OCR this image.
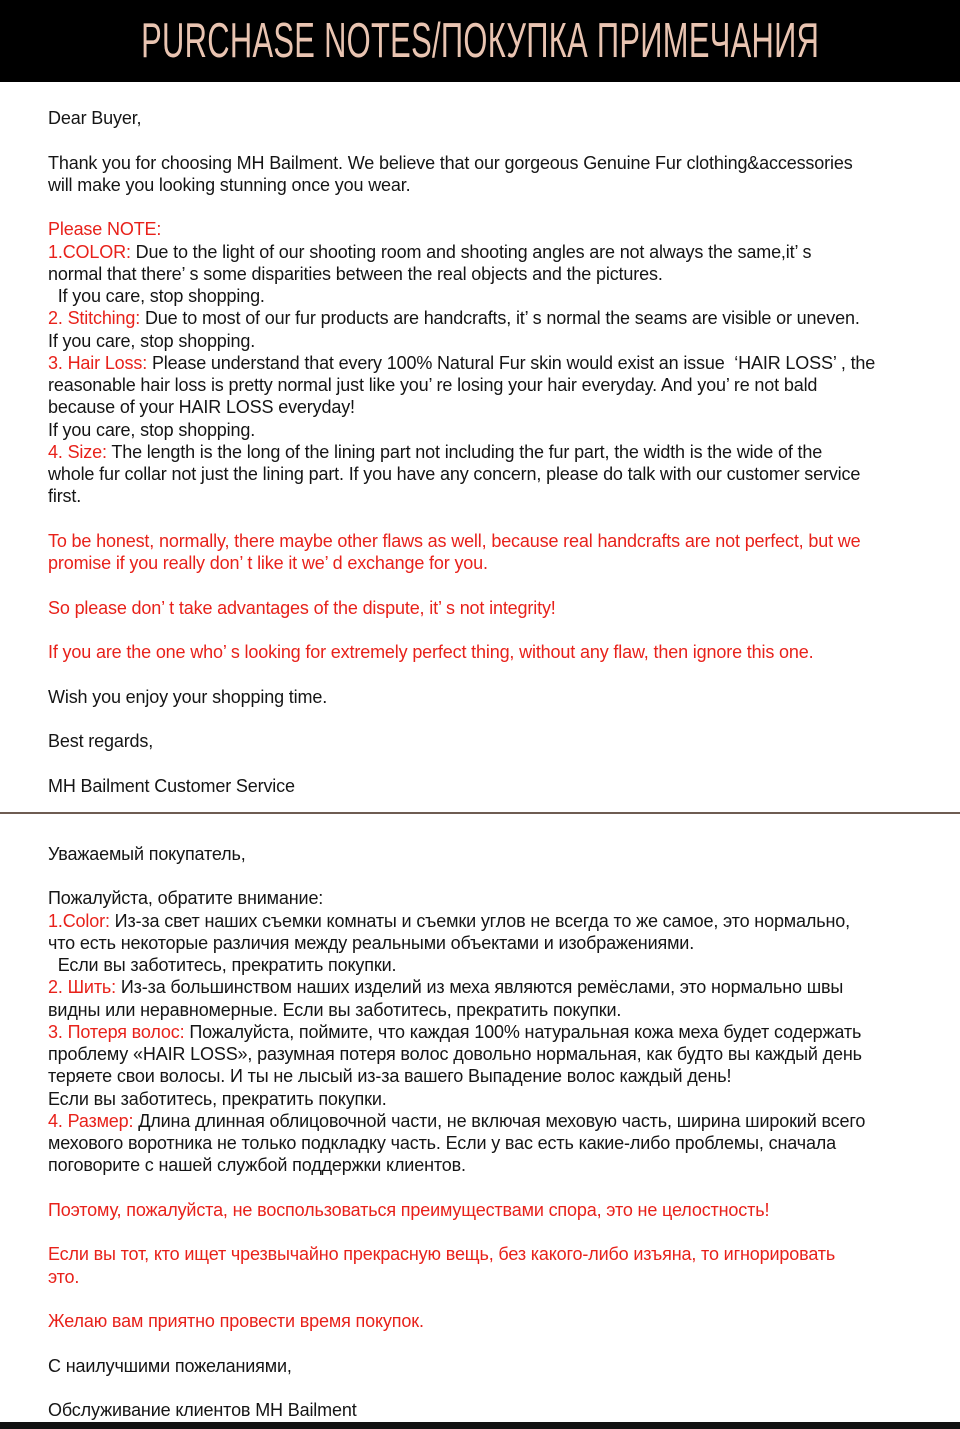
PURCHASE NOTES/ПОКУПКА ПРИМЕЧАНИЯ
Dear Buyer,

Thank you for choosing MH Bailment. We believe that our gorgeous Genuine Fur clothing&accessories
will make you looking stunning once you wear.

Please NOTE:
1.COLOR: Due to the light of our shooting room and shooting angles are not always the same,it’ s
normal that there’ s some disparities between the real objects and the pictures.
If you care, stop shopping.
2. Stitching: Due to most of our fur products are handcrafts, it’ s normal the seams are visible or uneven.
If you care, stop shopping.
3. Hair Loss: Please understand that every 100% Natural Fur skin would exist an issue  ‘HAIR LOSS’ , the
reasonable hair loss is pretty normal just like you’ re losing your hair everyday. And you’ re not bald
because of your HAIR LOSS everyday!
If you care, stop shopping.
4. Size: The length is the long of the lining part not including the fur part, the width is the wide of the
whole fur collar not just the lining part. If you have any concern, please do talk with our customer service
first.

To be honest, normally, there maybe other flaws as well, because real handcrafts are not perfect, but we
promise if you really don’ t like it we’ d exchange for you.

So please don’ t take advantages of the dispute, it’ s not integrity!

If you are the one who’ s looking for extremely perfect thing, without any flaw, then ignore this one.

Wish you enjoy your shopping time.

Best regards,

MH Bailment Customer Service
Уважаемый покупатель,

Пожалуйста, обратите внимание:
1.Color: Из-за свет наших съемки комнаты и съемки углов не всегда то же самое, это нормально,
что есть некоторые различия между реальными объектами и изображениями.
Если вы заботитесь, прекратить покупки.
2. Шить: Из-за большинством наших изделий из меха являются ремёслами, это нормально швы
видны или неравномерные. Если вы заботитесь, прекратить покупки.
3. Потеря волос: Пожалуйста, поймите, что каждая 100% натуральная кожа меха будет содержать
проблему «HAIR LOSS», разумная потеря волос довольно нормальная, как будто вы каждый день
теряете свои волосы. И ты не лысый из-за вашего Выпадение волос каждый день!
Если вы заботитесь, прекратить покупки.
4. Размер: Длина длинная облицовочной части, не включая меховую часть, ширина широкий всего
мехового воротника не только подкладку часть. Если у вас есть какие-либо проблемы, сначала
поговорите с нашей службой поддержки клиентов.

Поэтому, пожалуйста, не воспользоваться преимуществами спора, это не целостность!

Если вы тот, кто ищет чрезвычайно прекрасную вещь, без какого-либо изъяна, то игнорировать
это.

Желаю вам приятно провести время покупок.

С наилучшими пожеланиями,

Обслуживание клиентов MH Bailment
